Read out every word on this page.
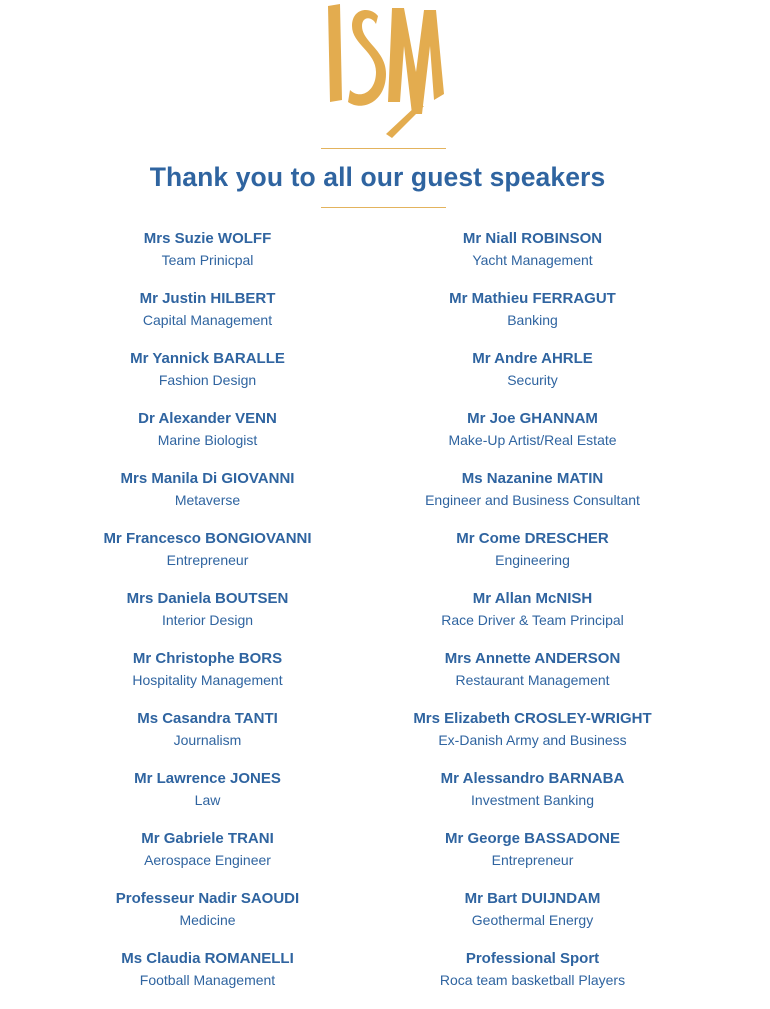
Thank you to all our guest speakers
Mrs Suzie WOLFF
Team Prinicpal
Mr Justin HILBERT
Capital Management
Mr Yannick BARALLE
Fashion Design
Dr Alexander VENN
Marine Biologist
Mrs Manila Di GIOVANNI
Metaverse
Mr Francesco BONGIOVANNI
Entrepreneur
Mrs Daniela BOUTSEN
Interior Design
Mr Christophe BORS
Hospitality Management
Ms Casandra TANTI
Journalism
Mr Lawrence JONES
Law
Mr Gabriele TRANI
Aerospace Engineer
Professeur Nadir SAOUDI
Medicine
Ms Claudia ROMANELLI
Football Management
Mr Niall ROBINSON
Yacht Management
Mr Mathieu FERRAGUT
Banking
Mr Andre AHRLE
Security
Mr Joe GHANNAM
Make-Up Artist/Real Estate
Ms Nazanine MATIN
Engineer and Business Consultant
Mr Come DRESCHER
Engineering
Mr Allan McNISH
Race Driver & Team Principal
Mrs Annette ANDERSON
Restaurant Management
Mrs Elizabeth CROSLEY-WRIGHT
Ex-Danish Army and Business
Mr Alessandro BARNABA
Investment Banking
Mr George BASSADONE
Entrepreneur
Mr Bart DUIJNDAM
Geothermal Energy
Professional Sport
Roca team basketball Players
